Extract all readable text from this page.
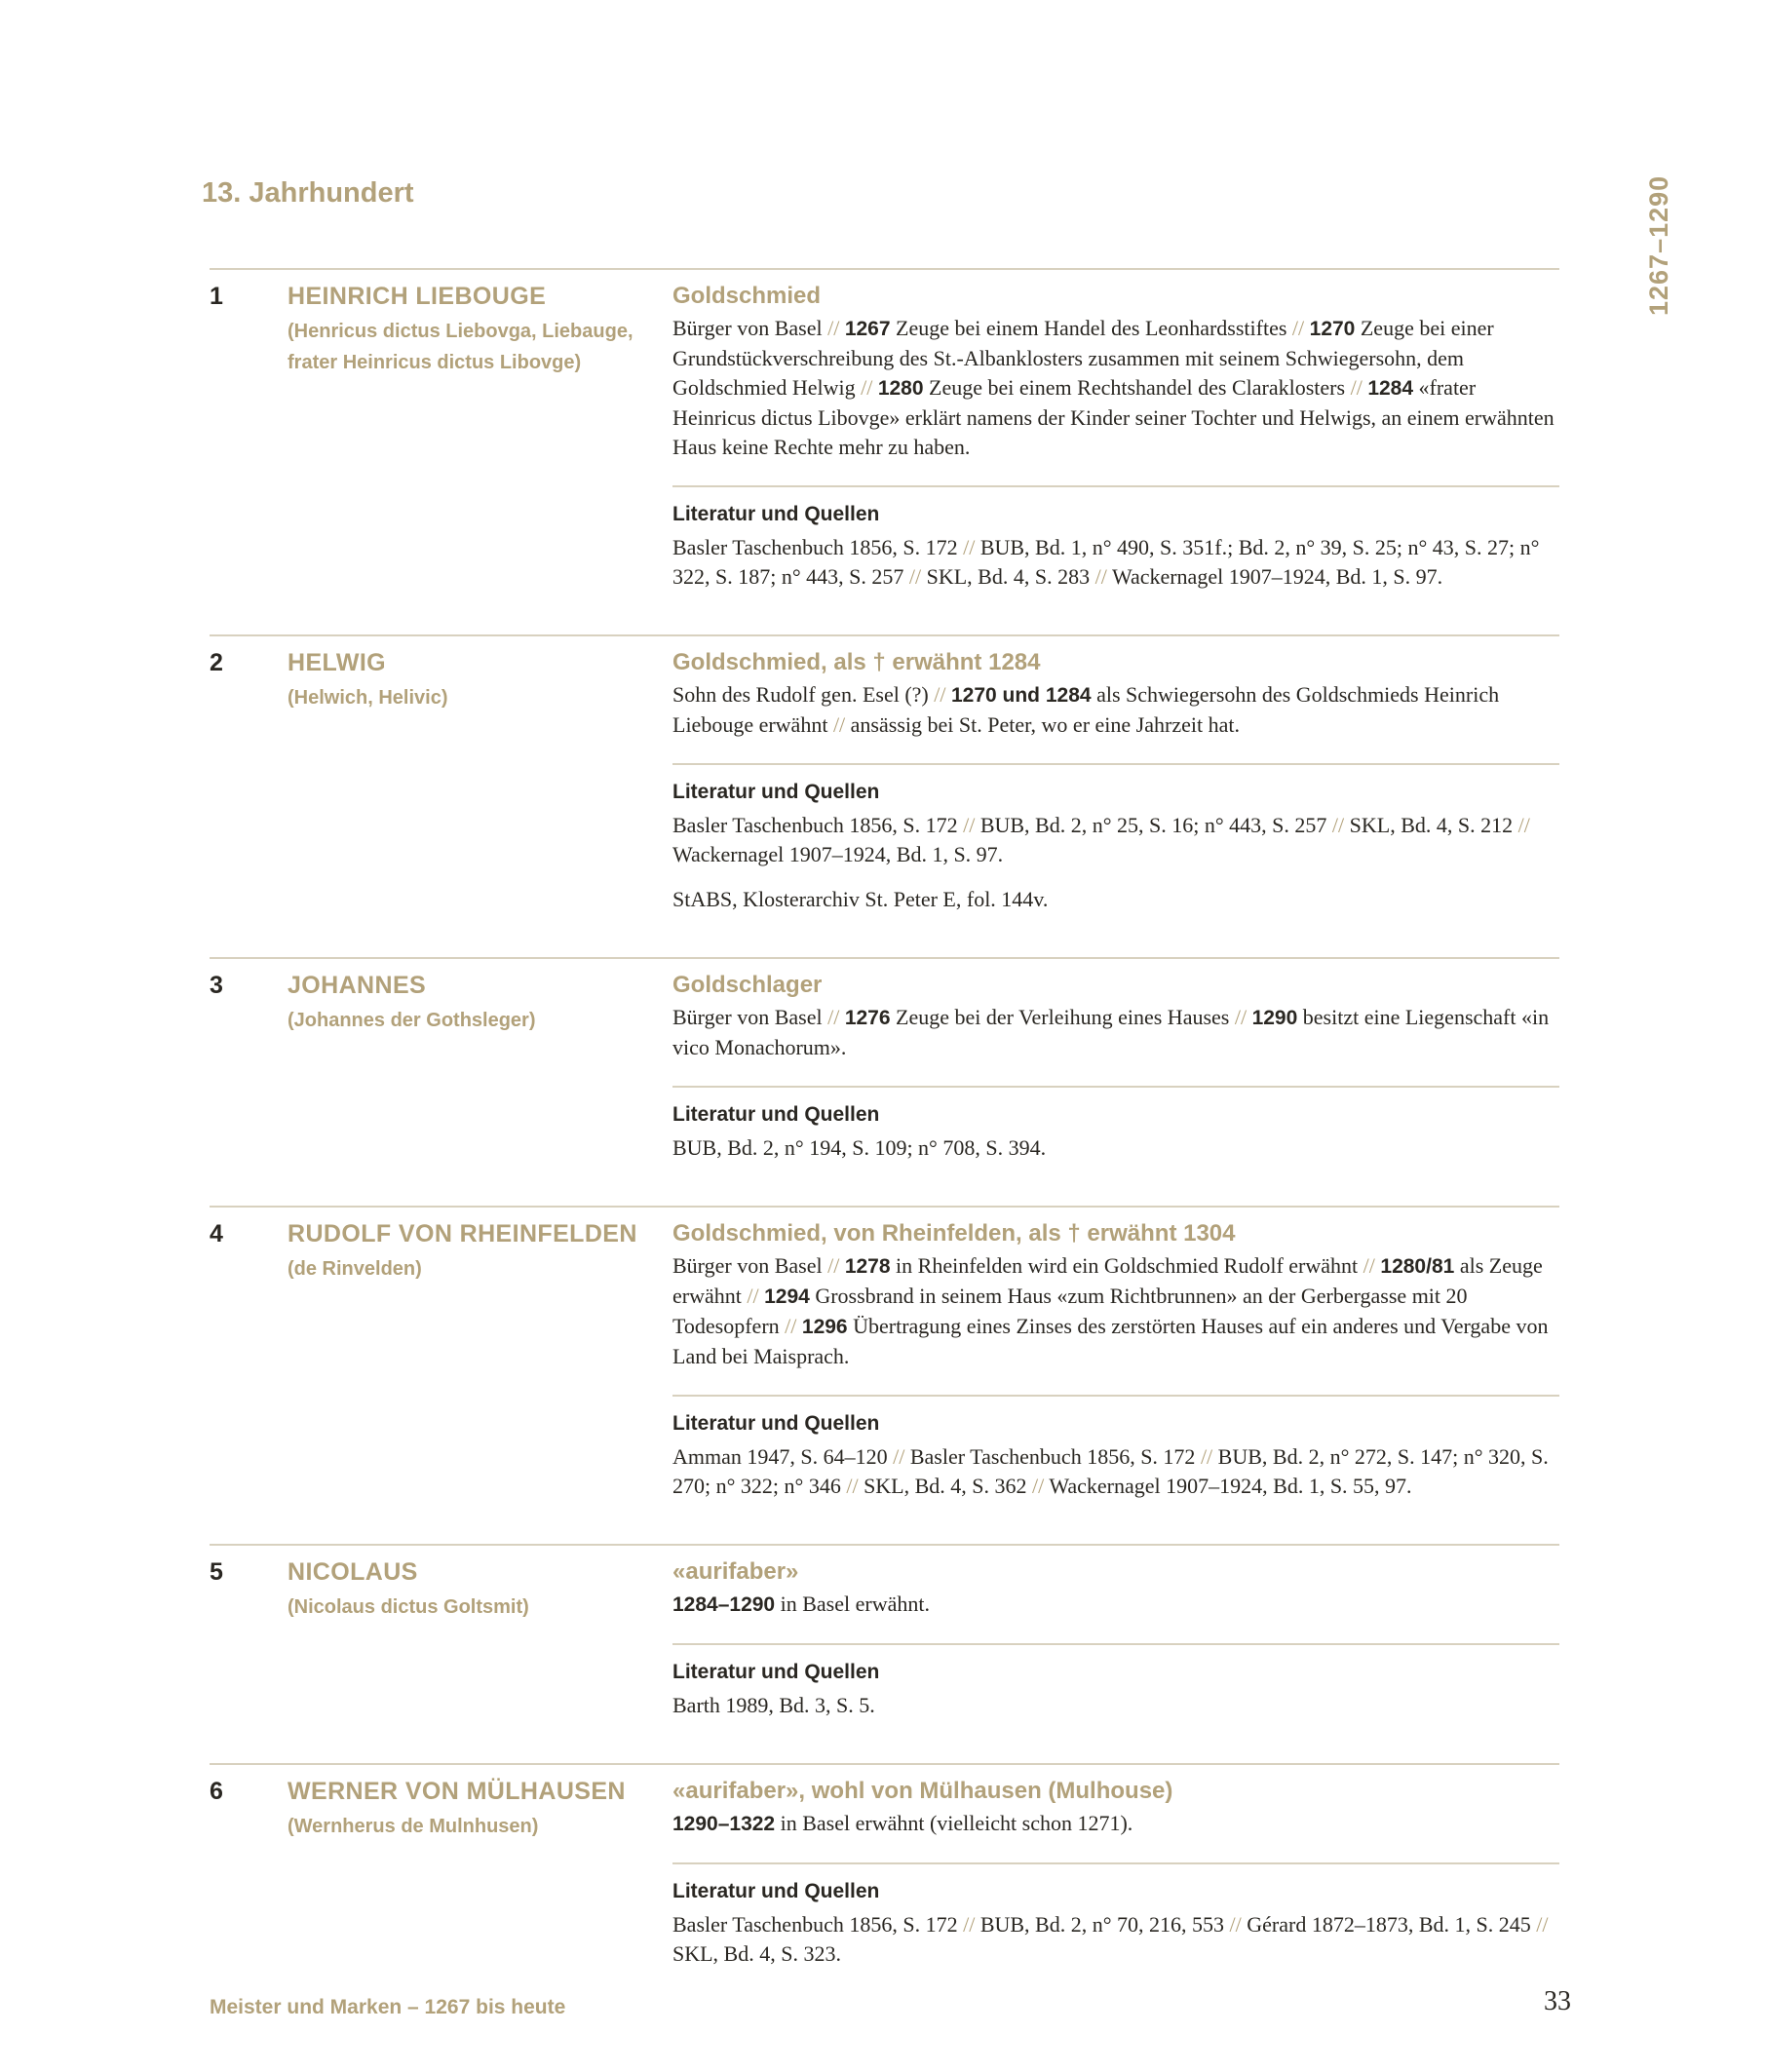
13. Jahrhundert	1267–1290
1	HEINRICH LIEBOUGE
(Henricus dictus Liebovga, Liebauge, frater Heinricus dictus Libovge)
Goldschmied
Bürger von Basel // 1267 Zeuge bei einem Handel des Leonhardsstiftes // 1270 Zeuge bei einer Grundstückverschreibung des St.-Albanklosters zusammen mit seinem Schwiegersohn, dem Goldschmied Helwig // 1280 Zeuge bei einem Rechtshandel des Claraklosters // 1284 «frater Heinricus dictus Libovge» erklärt namens der Kinder seiner Tochter und Helwigs, an einem erwähnten Haus keine Rechte mehr zu haben.
Literatur und Quellen
Basler Taschenbuch 1856, S. 172 // BUB, Bd. 1, n° 490, S. 351f.; Bd. 2, n° 39, S. 25; n° 43, S. 27; n° 322, S. 187; n° 443, S. 257 // SKL, Bd. 4, S. 283 // Wackernagel 1907–1924, Bd. 1, S. 97.
2	HELWIG
(Helwich, Helivic)
Goldschmied, als † erwähnt 1284
Sohn des Rudolf gen. Esel (?) // 1270 und 1284 als Schwiegersohn des Goldschmieds Heinrich Liebouge erwähnt // ansässig bei St. Peter, wo er eine Jahrzeit hat.
Literatur und Quellen
Basler Taschenbuch 1856, S. 172 // BUB, Bd. 2, n° 25, S. 16; n° 443, S. 257 // SKL, Bd. 4, S. 212 // Wackernagel 1907–1924, Bd. 1, S. 97.
StABS, Klosterarchiv St. Peter E, fol. 144v.
3	JOHANNES
(Johannes der Gothsleger)
Goldschlager
Bürger von Basel // 1276 Zeuge bei der Verleihung eines Hauses // 1290 besitzt eine Liegenschaft «in vico Monachorum».
Literatur und Quellen
BUB, Bd. 2, n° 194, S. 109; n° 708, S. 394.
4	RUDOLF VON RHEINFELDEN
(de Rinvelden)
Goldschmied, von Rheinfelden, als † erwähnt 1304
Bürger von Basel // 1278 in Rheinfelden wird ein Goldschmied Rudolf erwähnt // 1280/81 als Zeuge erwähnt // 1294 Grossbrand in seinem Haus «zum Richtbrunnen» an der Gerbergasse mit 20 Todesopfern // 1296 Übertragung eines Zinses des zerstörten Hauses auf ein anderes und Vergabe von Land bei Maisprach.
Literatur und Quellen
Amman 1947, S. 64–120 // Basler Taschenbuch 1856, S. 172 // BUB, Bd. 2, n° 272, S. 147; n° 320, S. 270; n° 322; n° 346 // SKL, Bd. 4, S. 362 // Wackernagel 1907–1924, Bd. 1, S. 55, 97.
5	NICOLAUS
(Nicolaus dictus Goltsmit)
«aurifaber»
1284–1290 in Basel erwähnt.
Literatur und Quellen
Barth 1989, Bd. 3, S. 5.
6	WERNER VON MÜLHAUSEN
(Wernherus de Mulnhusen)
«aurifaber», wohl von Mülhausen (Mulhouse)
1290–1322 in Basel erwähnt (vielleicht schon 1271).
Literatur und Quellen
Basler Taschenbuch 1856, S. 172 // BUB, Bd. 2, n° 70, 216, 553 // Gérard 1872–1873, Bd. 1, S. 245 // SKL, Bd. 4, S. 323.
Meister und Marken – 1267 bis heute	33
